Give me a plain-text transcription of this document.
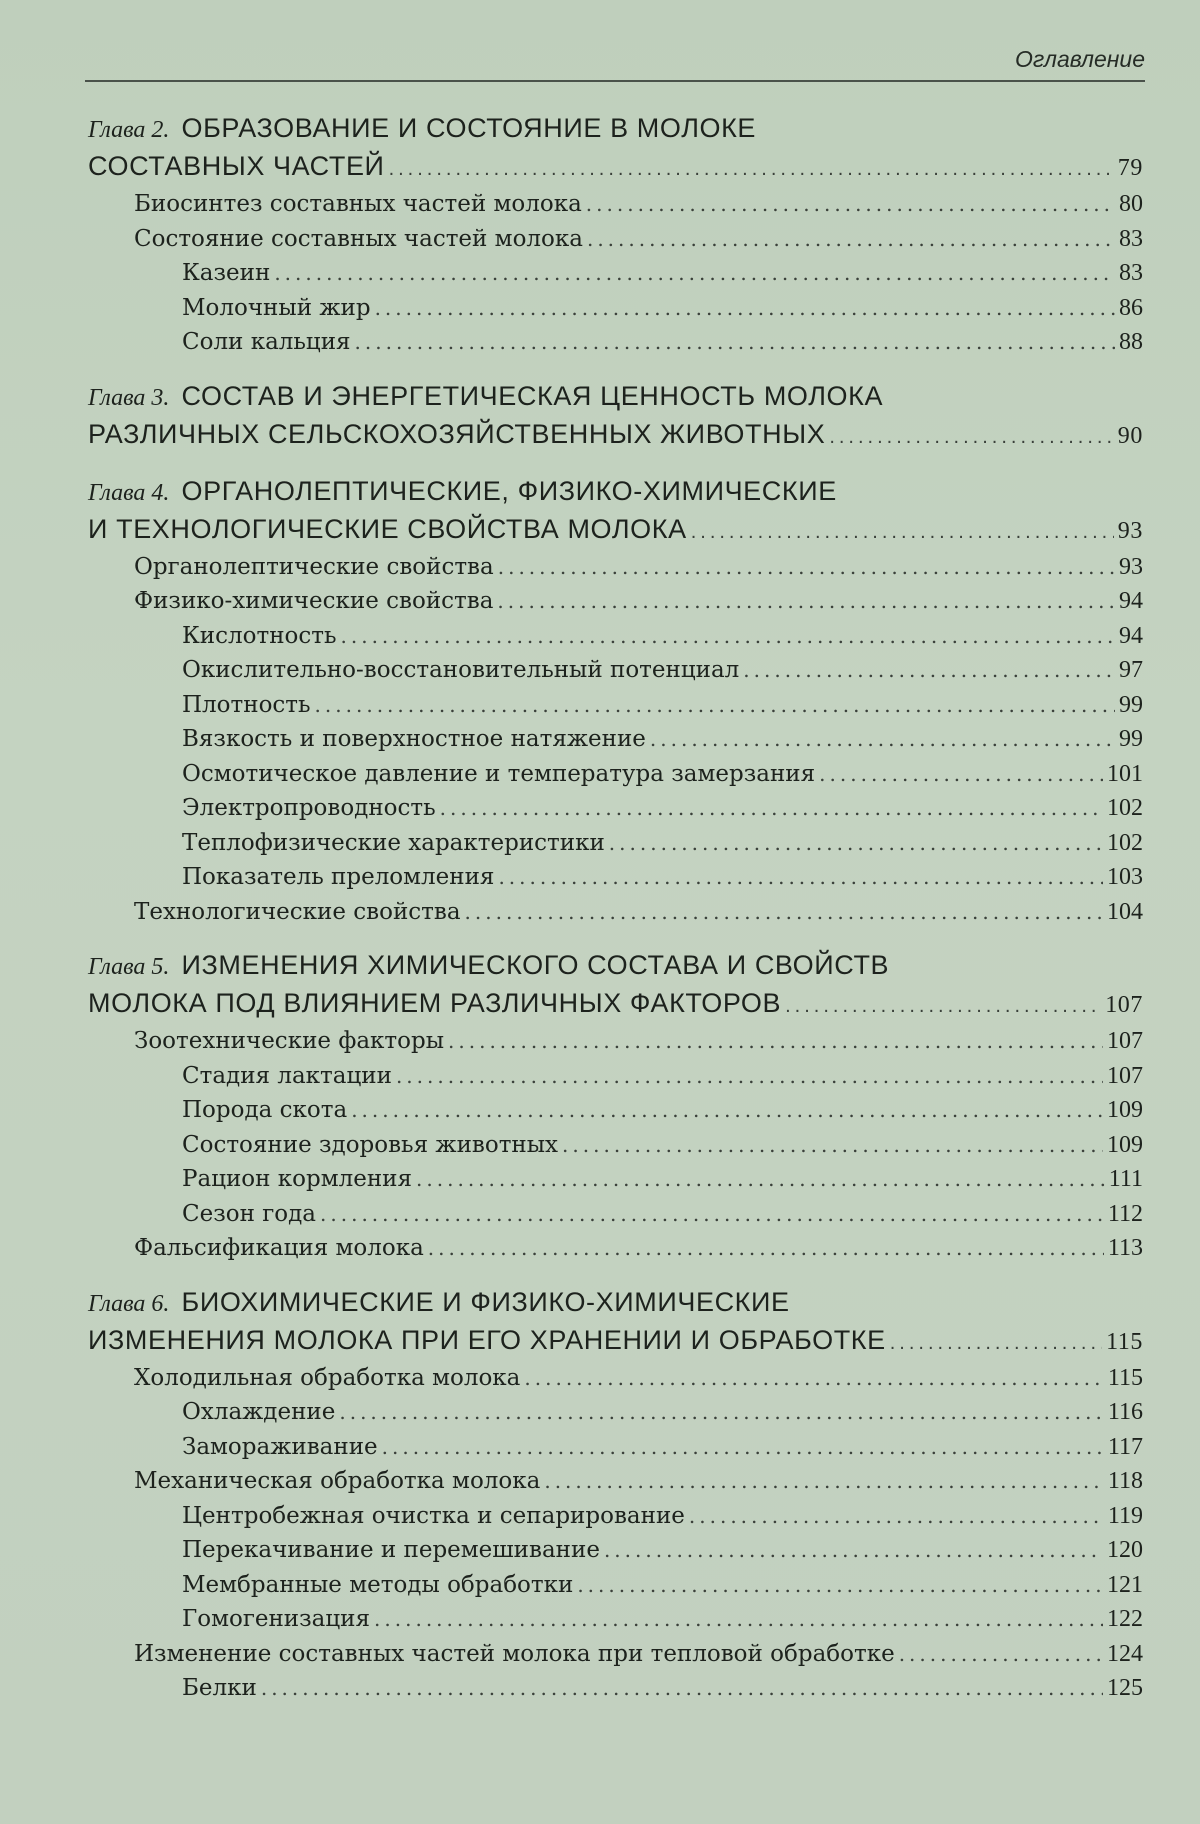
Оглавление
Глава 2. ОБРАЗОВАНИЕ И СОСТОЯНИЕ В МОЛОКЕ
СОСТАВНЫХ ЧАСТЕЙ .....	79
Биосинтез составных частей молока .....	80
Состояние составных частей молока .....	83
Казеин .....	83
Молочный жир .....	86
Соли кальция .....	88
Глава 3. СОСТАВ И ЭНЕРГЕТИЧЕСКАЯ ЦЕННОСТЬ МОЛОКА
РАЗЛИЧНЫХ СЕЛЬСКОХОЗЯЙСТВЕННЫХ ЖИВОТНЫХ .....	90
Глава 4. ОРГАНОЛЕПТИЧЕСКИЕ, ФИЗИКО-ХИМИЧЕСКИЕ
И ТЕХНОЛОГИЧЕСКИЕ СВОЙСТВА МОЛОКА .....	93
Органолептические свойства .....	93
Физико-химические свойства .....	94
Кислотность .....	94
Окислительно-восстановительный потенциал .....	97
Плотность .....	99
Вязкость и поверхностное натяжение .....	99
Осмотическое давление и температура замерзания .....	101
Электропроводность .....	102
Теплофизические характеристики .....	102
Показатель преломления .....	103
Технологические свойства .....	104
Глава 5. ИЗМЕНЕНИЯ ХИМИЧЕСКОГО СОСТАВА И СВОЙСТВ
МОЛОКА ПОД ВЛИЯНИЕМ РАЗЛИЧНЫХ ФАКТОРОВ .....	107
Зоотехнические факторы .....	107
Стадия лактации .....	107
Порода скота .....	109
Состояние здоровья животных .....	109
Рацион кормления .....	111
Сезон года .....	112
Фальсификация молока .....	113
Глава 6. БИОХИМИЧЕСКИЕ И ФИЗИКО-ХИМИЧЕСКИЕ
ИЗМЕНЕНИЯ МОЛОКА ПРИ ЕГО ХРАНЕНИИ И ОБРАБОТКЕ .....	115
Холодильная обработка молока .....	115
Охлаждение .....	116
Замораживание .....	117
Механическая обработка молока .....	118
Центробежная очистка и сепарирование .....	119
Перекачивание и перемешивание .....	120
Мембранные методы обработки .....	121
Гомогенизация .....	122
Изменение составных частей молока при тепловой обработке .....	124
Белки .....	125
